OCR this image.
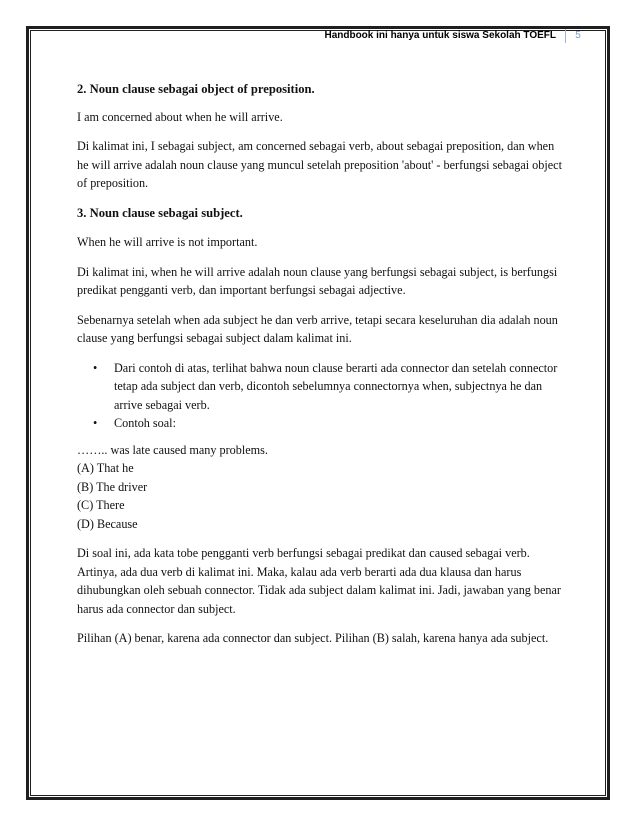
Handbook ini hanya untuk siswa Sekolah TOEFL	5
2. Noun clause sebagai object of preposition.

I am concerned about when he will arrive.

Di kalimat ini, I sebagai subject, am concerned sebagai verb, about sebagai preposition, dan when he will arrive adalah noun clause yang muncul setelah preposition 'about' - berfungsi sebagai object of preposition.

3. Noun clause sebagai subject.

When he will arrive is not important.

Di kalimat ini, when he will arrive adalah noun clause yang berfungsi sebagai subject, is berfungsi predikat pengganti verb, dan important berfungsi sebagai adjective.

Sebenarnya setelah when ada subject he dan verb arrive, tetapi secara keseluruhan dia adalah noun clause yang berfungsi sebagai subject dalam kalimat ini.

• Dari contoh di atas, terlihat bahwa noun clause berarti ada connector dan setelah connector tetap ada subject dan verb, dicontoh sebelumnya connectornya when, subjectnya he dan arrive sebagai verb.
• Contoh soal:

…….. was late caused many problems.

(A) That he

(B) The driver

(C) There

(D) Because

Di soal ini, ada kata tobe pengganti verb berfungsi sebagai predikat dan caused sebagai verb. Artinya, ada dua verb di kalimat ini. Maka, kalau ada verb berarti ada dua klausa dan harus dihubungkan oleh sebuah connector. Tidak ada subject dalam kalimat ini. Jadi, jawaban yang benar harus ada connector dan subject.

Pilihan (A) benar, karena ada connector dan subject. Pilihan (B) salah, karena hanya ada subject.
